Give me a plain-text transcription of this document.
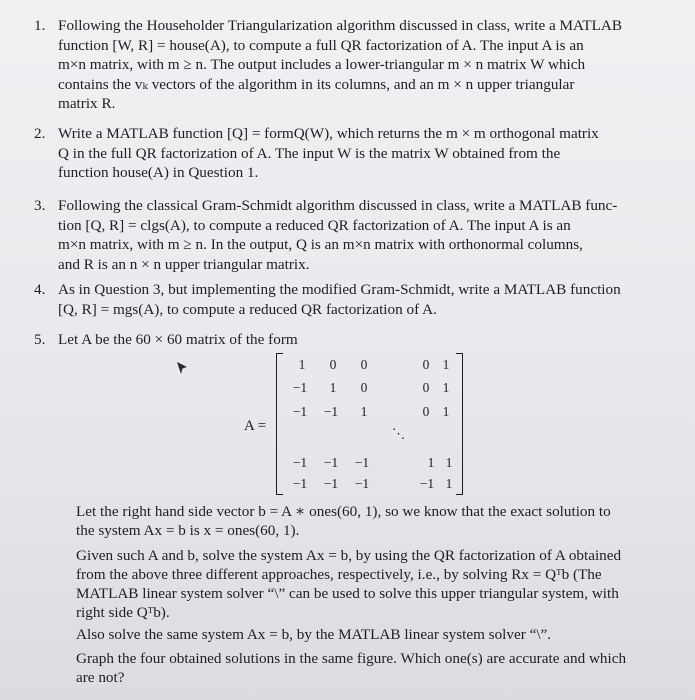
1. Following the Householder Triangularization algorithm discussed in class, write a MATLAB
function [W, R] = house(A), to compute a full QR factorization of A. The input A is an
m×n matrix, with m ≥ n. The output includes a lower-triangular m × n matrix W which
contains the vₖ vectors of the algorithm in its columns, and an m × n upper triangular
matrix R.
2. Write a MATLAB function [Q] = formQ(W), which returns the m × m orthogonal matrix
Q in the full QR factorization of A. The input W is the matrix W obtained from the
function house(A) in Question 1.
3. Following the classical Gram-Schmidt algorithm discussed in class, write a MATLAB func-
tion [Q, R] = clgs(A), to compute a reduced QR factorization of A. The input A is an
m×n matrix, with m ≥ n. In the output, Q is an m×n matrix with orthonormal columns,
and R is an n × n upper triangular matrix.
4. As in Question 3, but implementing the modified Gram-Schmidt, write a MATLAB function
[Q, R] = mgs(A), to compute a reduced QR factorization of A.
5. Let A be the 60 × 60 matrix of the form
A =
1	0	0	0 1
−1	1	0	0 1
−1	−1	1	0 1
⋱
−1	−1	−1	1 1
−1	−1	−1	−1 1
Let the right hand side vector b = A ∗ ones(60, 1), so we know that the exact solution to
the system Ax = b is x = ones(60, 1).
Given such A and b, solve the system Ax = b, by using the QR factorization of A obtained
from the above three different approaches, respectively, i.e., by solving Rx = Qᵀb (The
MATLAB linear system solver “\” can be used to solve this upper triangular system, with
right side Qᵀb).
Also solve the same system Ax = b, by the MATLAB linear system solver “\”.
Graph the four obtained solutions in the same figure. Which one(s) are accurate and which
are not?
